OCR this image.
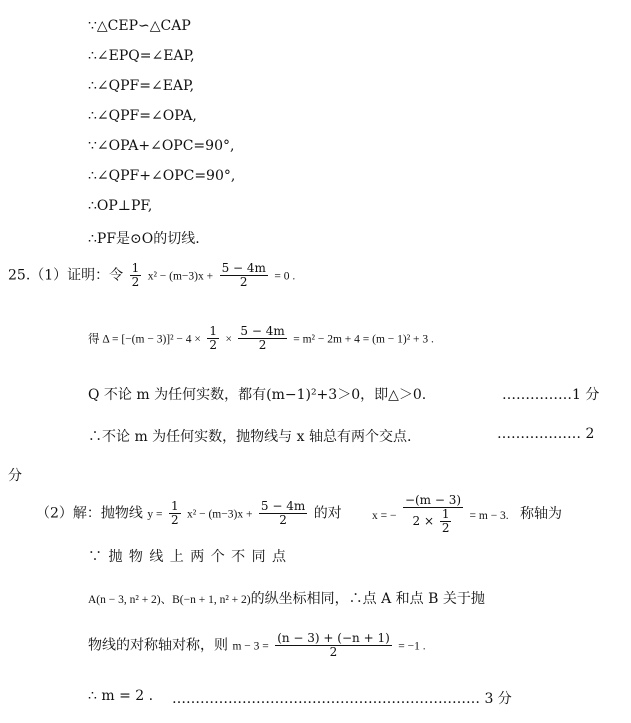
∵△CEP∽△CAP
∴∠EPQ=∠EAP,
∴∠QPF=∠EAP,
∴∠QPF=∠OPA,
∵∠OPA+∠OPC=90°,
∴∠QPF+∠OPC=90°,
∴OP⊥PF,
∴PF是⊙O的切线.
25.（1）证明：令 $\frac{1}{2} x^2 - (m-3)x + \frac{5 - 4m}{2} = 0$ .
得 $\Delta = [-(m - 3)]^2 - 4 \times \frac{1}{2} \times \frac{5 - 4m}{2} = m^2 - 2m + 4 = (m - 1)^2 + 3$ .
Q 不论 m 为任何实数，都有(m−1)²+3＞0，即△＞0.	……………1 分
∴不论 m 为任何实数，抛物线与 x 轴总有两个交点.	……………… 2
分
（2）解：抛物线 $y = \frac{1}{2} x^2 - (m-3)x + \frac{5 - 4m}{2}$ 的对	x = − $\frac{-(m - 3)}{2 \times \frac{1}{2}} = m - 3$. 称轴为
∵ 抛 物 线 上 两 个 不 同 点
A(n − 3, n² + 2)、B(−n + 1, n² + 2)的纵坐标相同，∴点 A 和点 B 关于抛
物线的对称轴对称，则 $m - 3 = \frac{(n - 3) + (-n + 1)}{2} = -1$ .
∴ m = 2 . ………………………………………………………… 3 分
